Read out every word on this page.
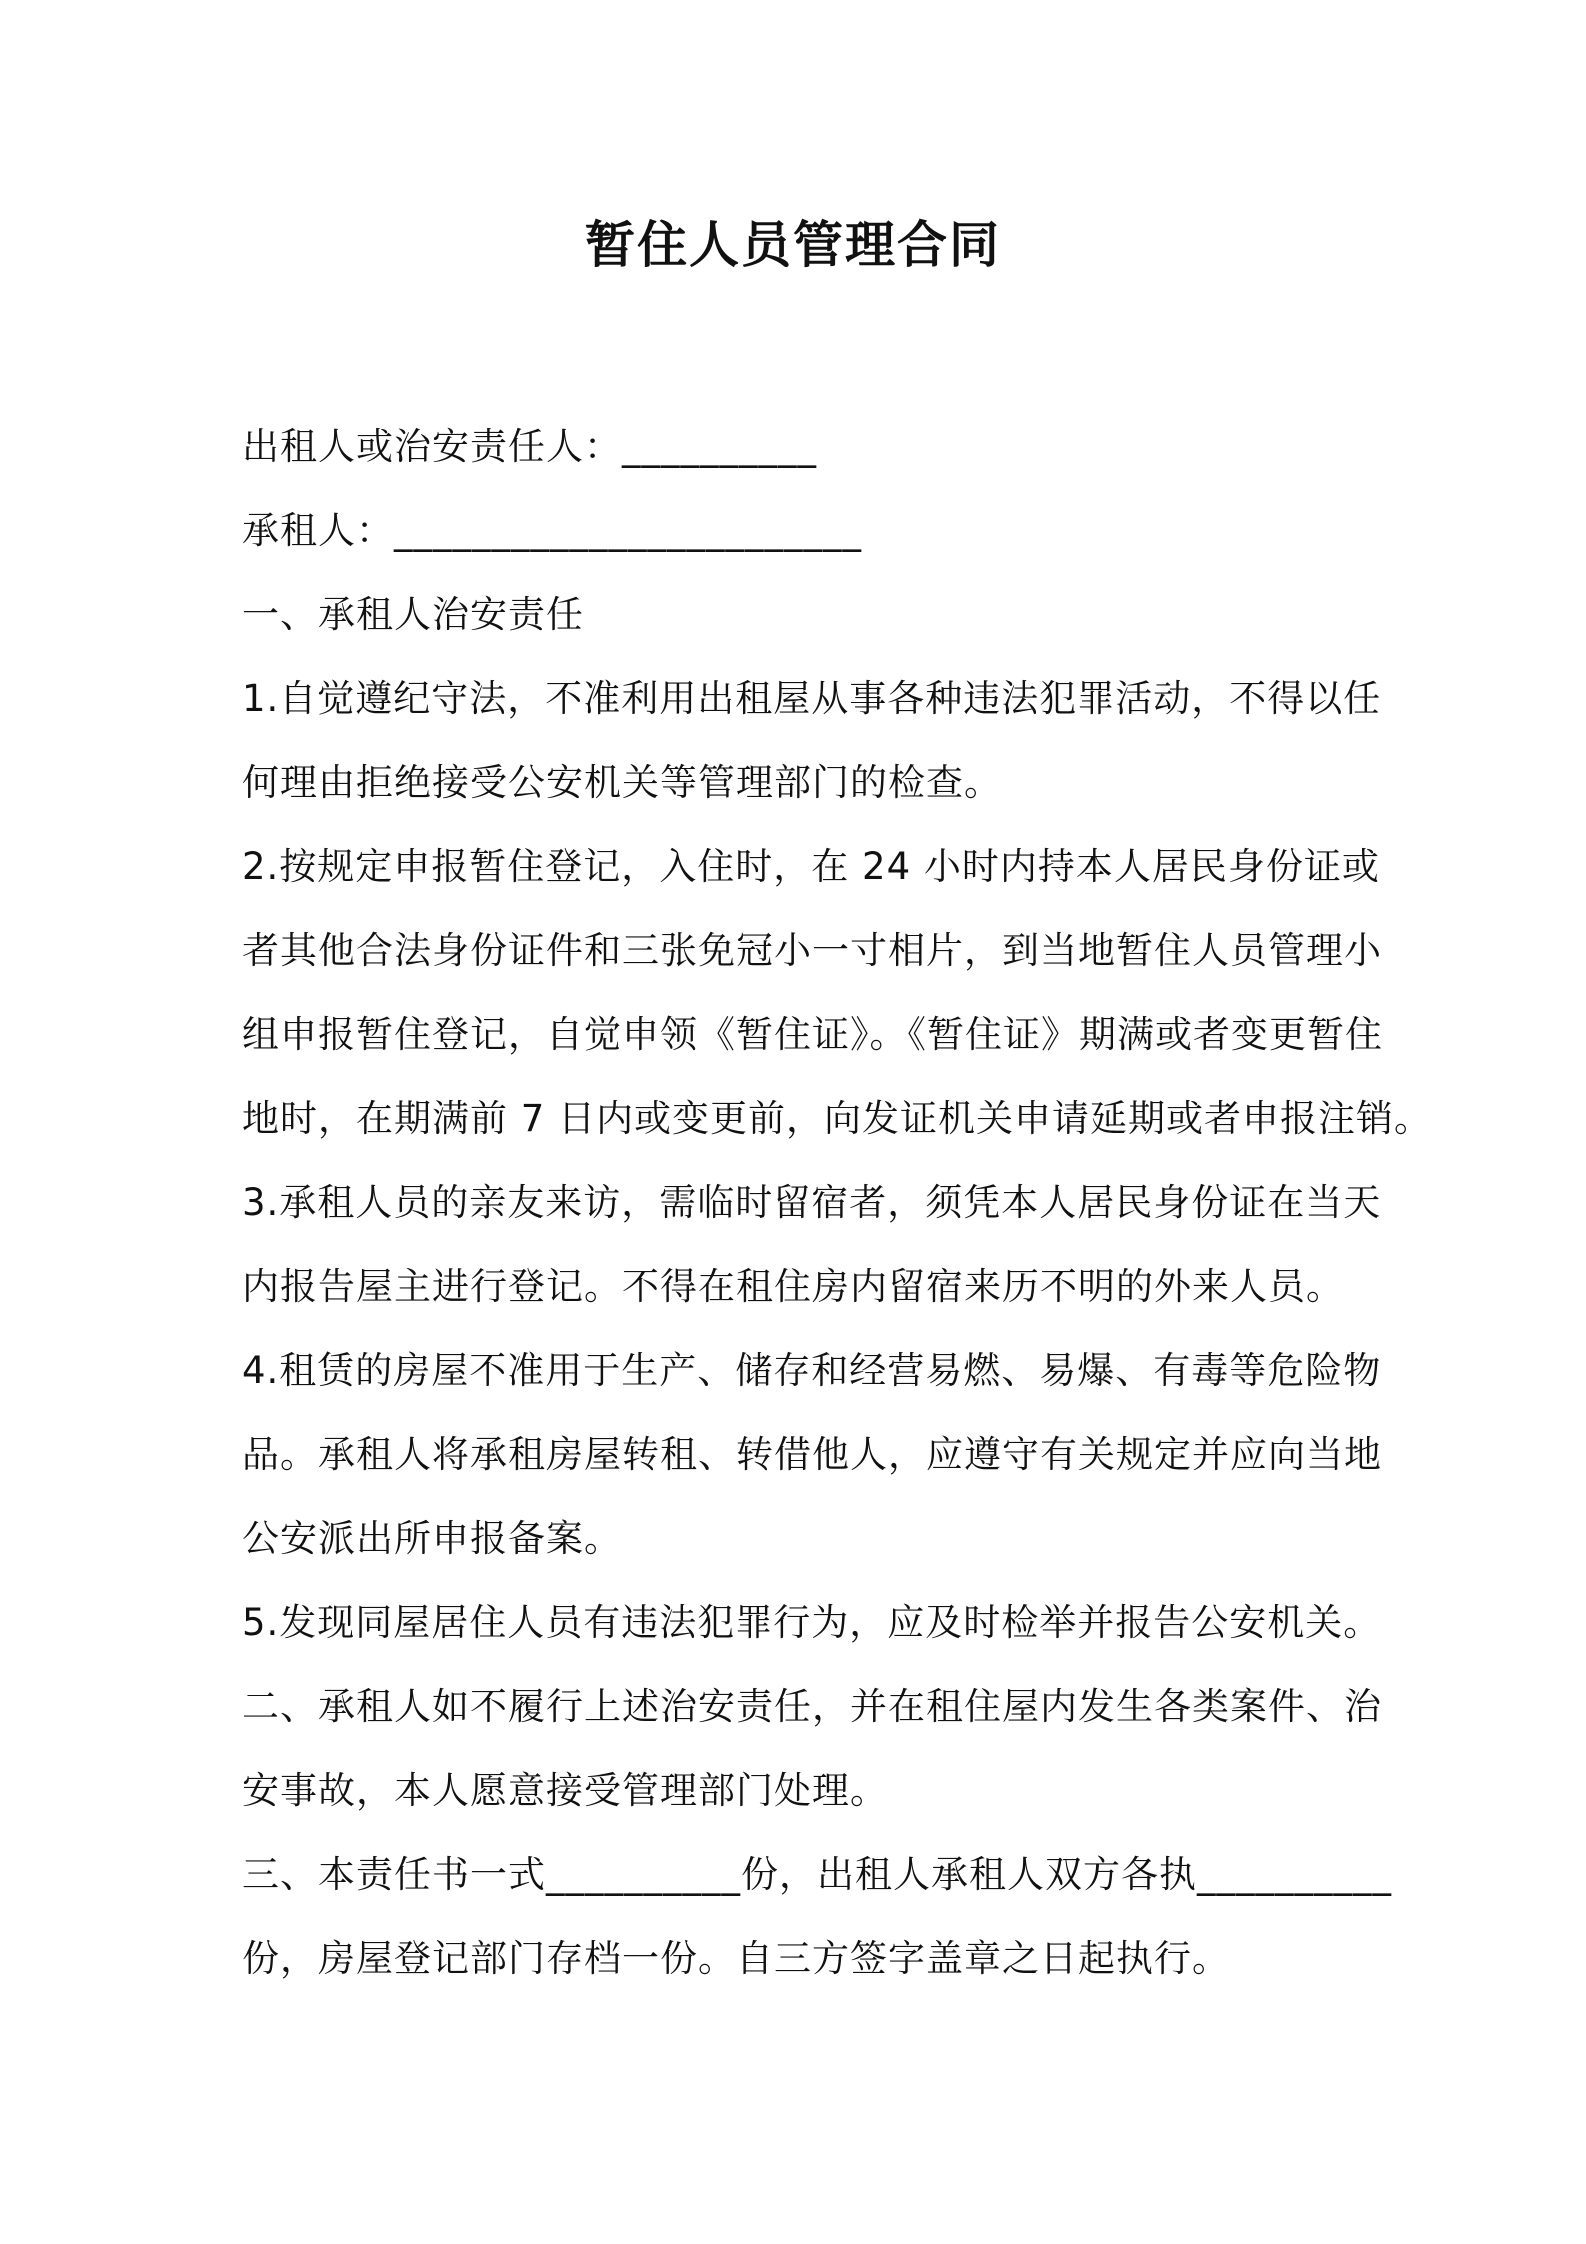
暂住人员管理合同
出租人或治安责任人：__________
承租人：________________________
一、承租人治安责任
1.自觉遵纪守法，不准利用出租屋从事各种违法犯罪活动，不得以任
何理由拒绝接受公安机关等管理部门的检查。
2.按规定申报暂住登记，入住时，在 24 小时内持本人居民身份证或
者其他合法身份证件和三张免冠小一寸相片，到当地暂住人员管理小
组申报暂住登记，自觉申领《暂住证》。《暂住证》期满或者变更暂住
地时，在期满前 7 日内或变更前，向发证机关申请延期或者申报注销。
3.承租人员的亲友来访，需临时留宿者，须凭本人居民身份证在当天
内报告屋主进行登记。不得在租住房内留宿来历不明的外来人员。
4.租赁的房屋不准用于生产、储存和经营易燃、易爆、有毒等危险物
品。承租人将承租房屋转租、转借他人，应遵守有关规定并应向当地
公安派出所申报备案。
5.发现同屋居住人员有违法犯罪行为，应及时检举并报告公安机关。
二、承租人如不履行上述治安责任，并在租住屋内发生各类案件、治
安事故，本人愿意接受管理部门处理。
三、本责任书一式__________份，出租人承租人双方各执__________
份，房屋登记部门存档一份。自三方签字盖章之日起执行。
